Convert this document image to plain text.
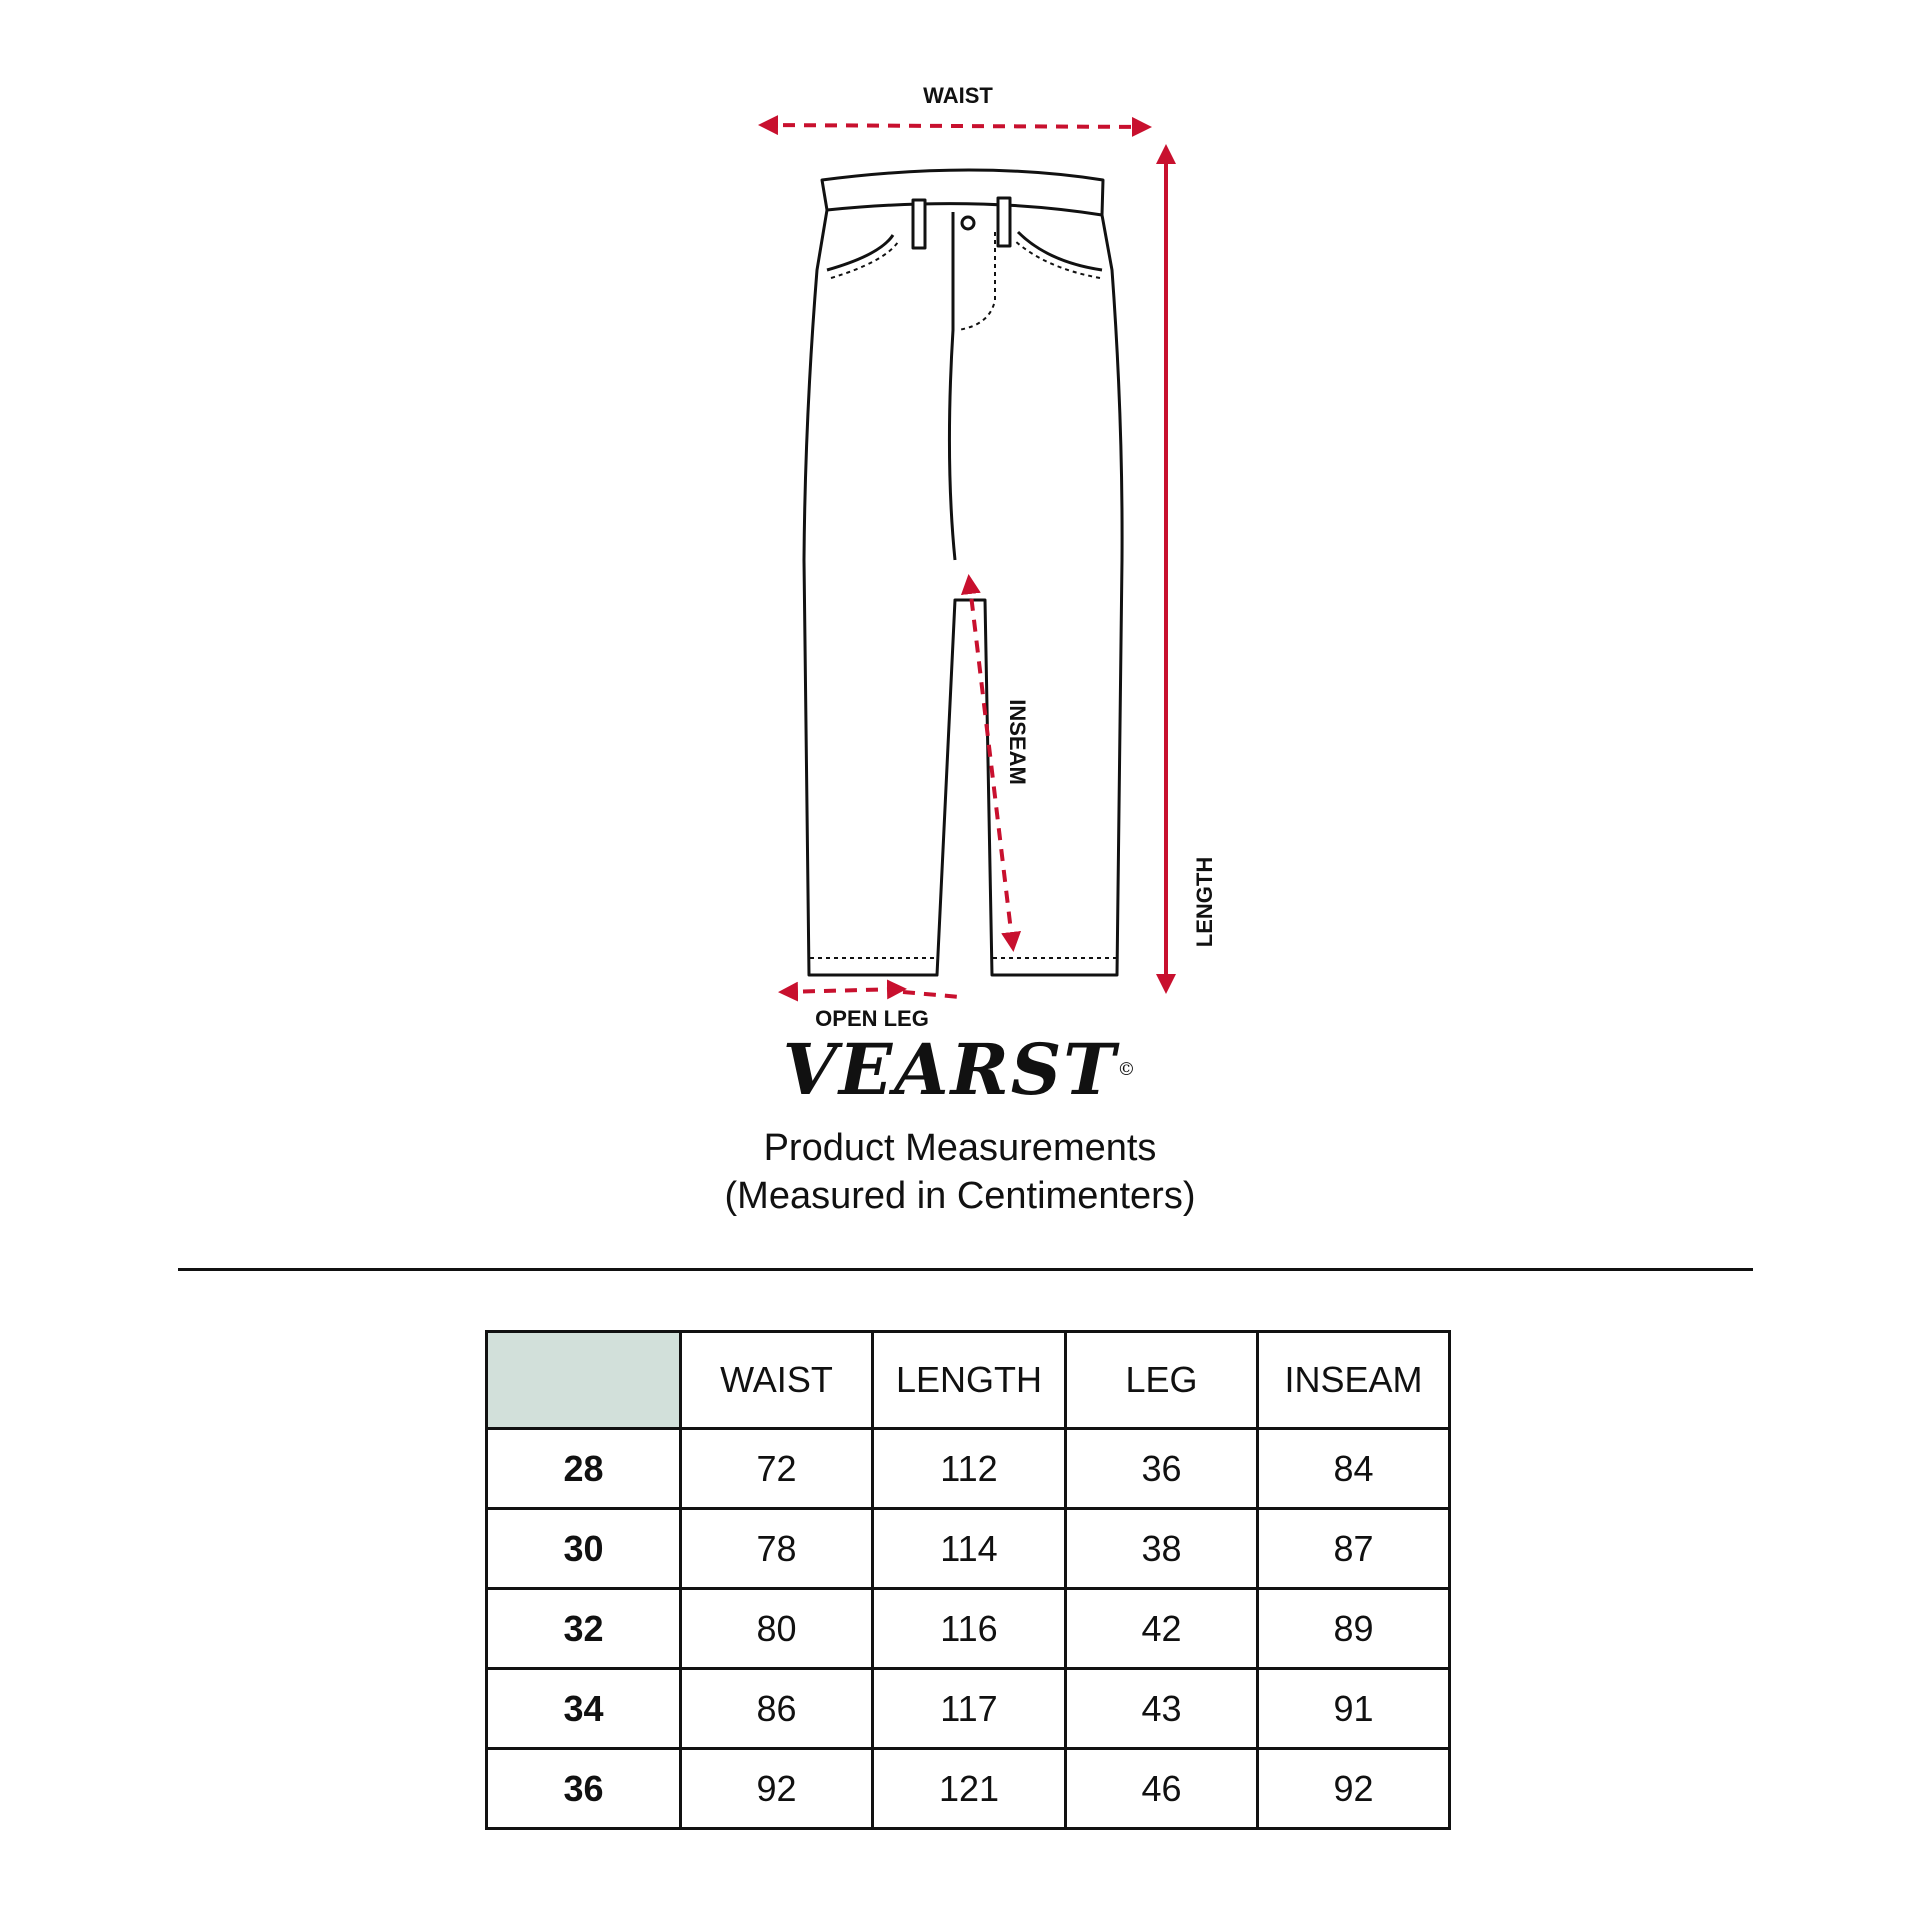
WAIST
LENGTH
INSEAM
OPEN LEG
VEARST©
Product Measurements
(Measured in Centimenters)
	WAIST	LENGTH	LEG	INSEAM
28	72	112	36	84
30	78	114	38	87
32	80	116	42	89
34	86	117	43	91
36	92	121	46	92
